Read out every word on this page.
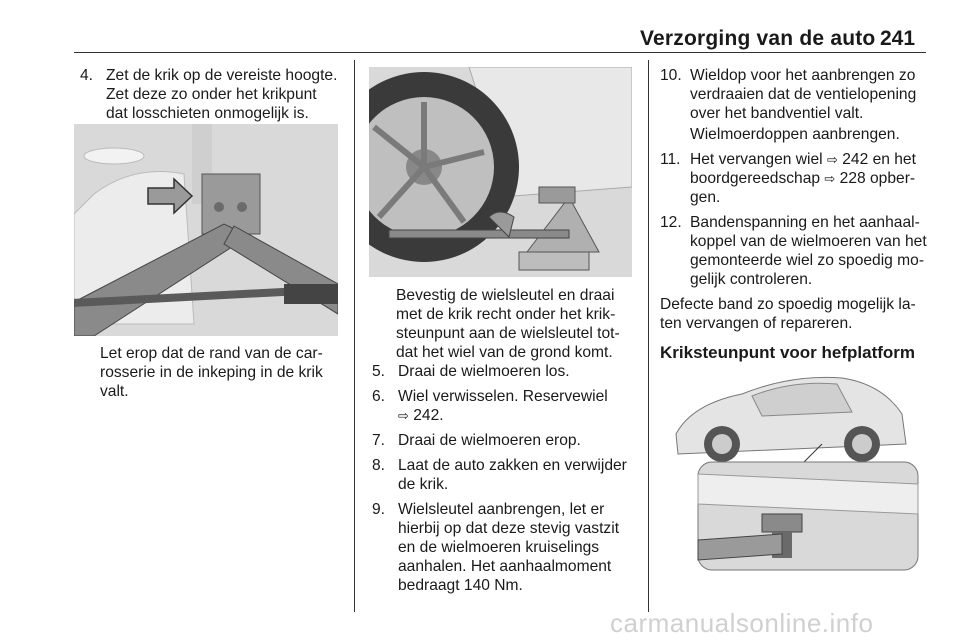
Verzorging van de auto 241
4. Zet de krik op de vereiste hoogte. Zet deze zo onder het krikpunt dat losschieten onmogelijk is.
Let erop dat de rand van de car-rosserie in de inkeping in de krik valt.
Bevestig de wielsleutel en draai met de krik recht onder het krik-steunpunt aan de wielsleutel tot-dat het wiel van de grond komt.
5. Draai de wielmoeren los.
6. Wiel verwisselen. Reservewiel
⇨ 242.
7. Draai de wielmoeren erop.
8. Laat de auto zakken en verwijder de krik.
9. Wielsleutel aanbrengen, let er hierbij op dat deze stevig vastzit en de wielmoeren kruiselings aanhalen. Het aanhaalmoment bedraagt 140 Nm.
10. Wieldop voor het aanbrengen zo verdraaien dat de ventielopening over het bandventiel valt.
Wielmoerdoppen aanbrengen.
11. Het vervangen wiel ⇨ 242 en het boordgereedschap ⇨ 228 opber-gen.
12. Bandenspanning en het aanhaal-koppel van de wielmoeren van het gemonteerde wiel zo spoedig mo-gelijk controleren.
Defecte band zo spoedig mogelijk la-ten vervangen of repareren.
Kriksteunpunt voor hefplatform
carmanualsonline.info
